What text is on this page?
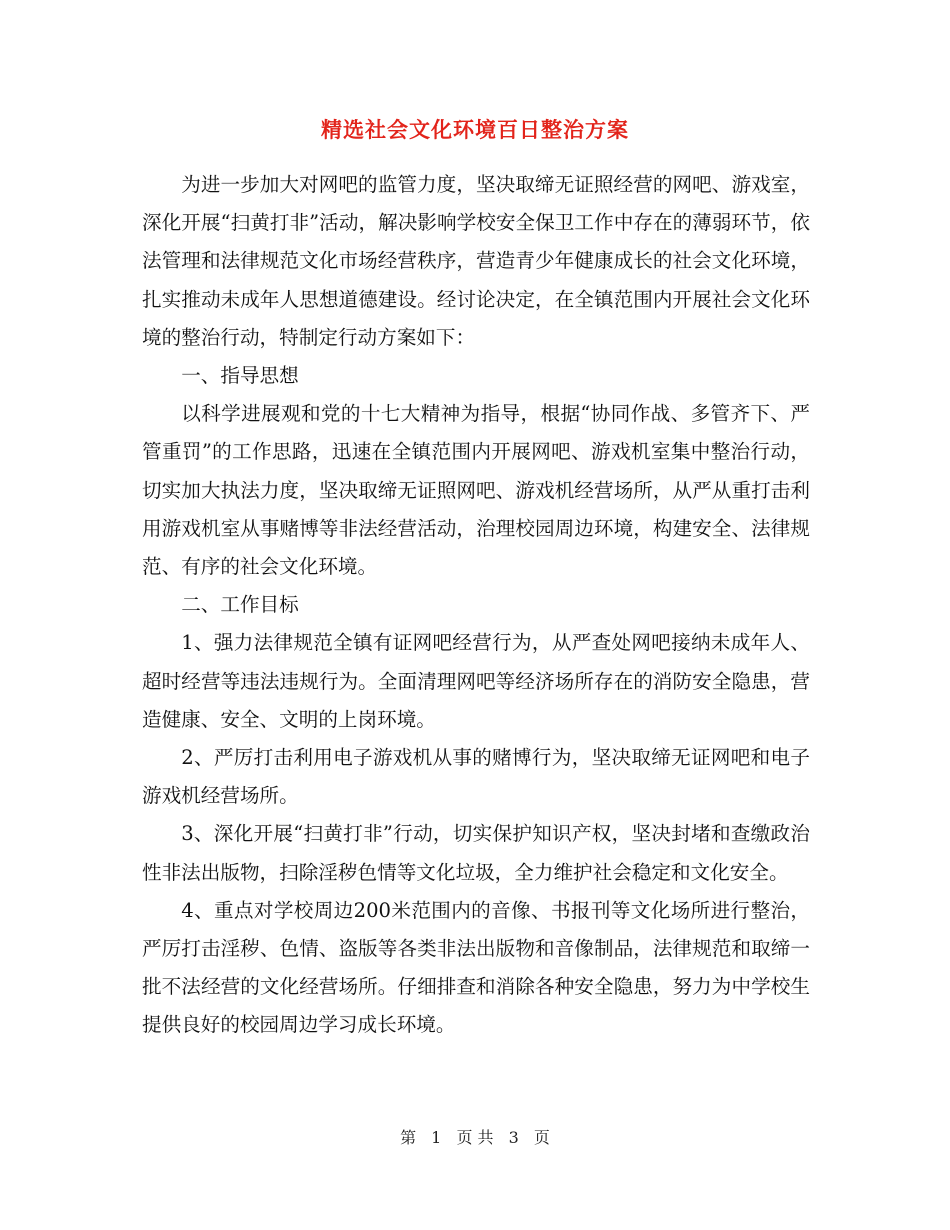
精选社会文化环境百日整治方案

为进一步加大对网吧的监管力度，坚决取缔无证照经营的网吧、游戏室，深化开展“扫黄打非”活动，解决影响学校安全保卫工作中存在的薄弱环节，依法管理和法律规范文化市场经营秩序，营造青少年健康成长的社会文化环境，扎实推动未成年人思想道德建设。经讨论决定，在全镇范围内开展社会文化环境的整治行动，特制定行动方案如下：

一、指导思想

以科学进展观和党的十七大精神为指导，根据“协同作战、多管齐下、严管重罚”的工作思路，迅速在全镇范围内开展网吧、游戏机室集中整治行动，切实加大执法力度，坚决取缔无证照网吧、游戏机经营场所，从严从重打击利用游戏机室从事赌博等非法经营活动，治理校园周边环境，构建安全、法律规范、有序的社会文化环境。

二、工作目标

1、强力法律规范全镇有证网吧经营行为，从严查处网吧接纳未成年人、超时经营等违法违规行为。全面清理网吧等经济场所存在的消防安全隐患，营造健康、安全、文明的上岗环境。

2、严厉打击利用电子游戏机从事的赌博行为，坚决取缔无证网吧和电子游戏机经营场所。

3、深化开展“扫黄打非”行动，切实保护知识产权，坚决封堵和查缴政治性非法出版物，扫除淫秽色情等文化垃圾，全力维护社会稳定和文化安全。

4、重点对学校周边200米范围内的音像、书报刊等文化场所进行整治，严厉打击淫秽、色情、盗版等各类非法出版物和音像制品，法律规范和取缔一批不法经营的文化经营场所。仔细排查和消除各种安全隐患，努力为中学校生提供良好的校园周边学习成长环境。

第 1 页 共 3 页
